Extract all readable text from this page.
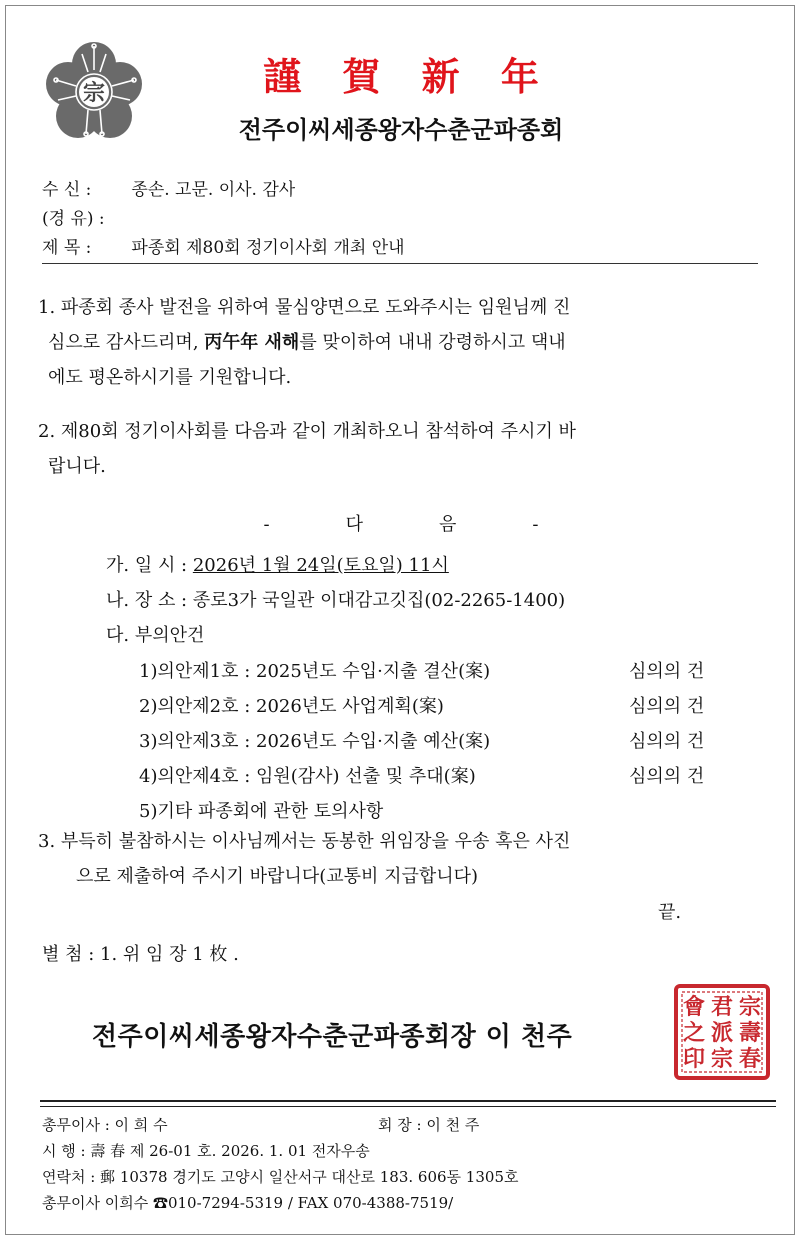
宗	謹 賀 新 年
전주이씨세종왕자수춘군파종회
수 신 : 종손. 고문. 이사. 감사
(경 유) :
제 목 : 파종회 제80회 정기이사회 개최 안내
1. 파종회 종사 발전을 위하여 물심양면으로 도와주시는 임원님께 진
심으로 감사드리며, 丙午年 새해를 맞이하여 내내 강령하시고 댁내
에도 평온하시기를 기원합니다.
2. 제80회 정기이사회를 다음과 같이 개최하오니 참석하여 주시기 바
랍니다.
-	다	음	-
가. 일 시 : 2026년 1월 24일(토요일) 11시
나. 장 소 : 종로3가 국일관 이대감고깃집(02-2265-1400)
다. 부의안건
1)의안제1호 : 2025년도 수입·지출 결산(案)	심의의 건
2)의안제2호 : 2026년도 사업계획(案)	심의의 건
3)의안제3호 : 2026년도 수입·지출 예산(案)	심의의 건
4)의안제4호 : 임원(감사) 선출 및 추대(案)	심의의 건
5)기타 파종회에 관한 토의사항
3. 부득히 불참하시는 이사님께서는 동봉한 위임장을 우송 혹은 사진
으로 제출하여 주시기 바랍니다(교통비 지급합니다)
끝.
별 첨 : 1. 위 임 장 1 枚 .
전주이씨세종왕자수춘군파종회장 이 천주
宗
壽
春
君
派
宗
會
之
印
총무이사 : 이 희 수	회 장 : 이 천 주
시 행 : 壽 春 제 26-01 호. 2026. 1. 01 전자우송
연락처 : 郵 10378 경기도 고양시 일산서구 대산로 183. 606동 1305호
총무이사 이희수 ☎010-7294-5319 / FAX 070-4388-7519/
